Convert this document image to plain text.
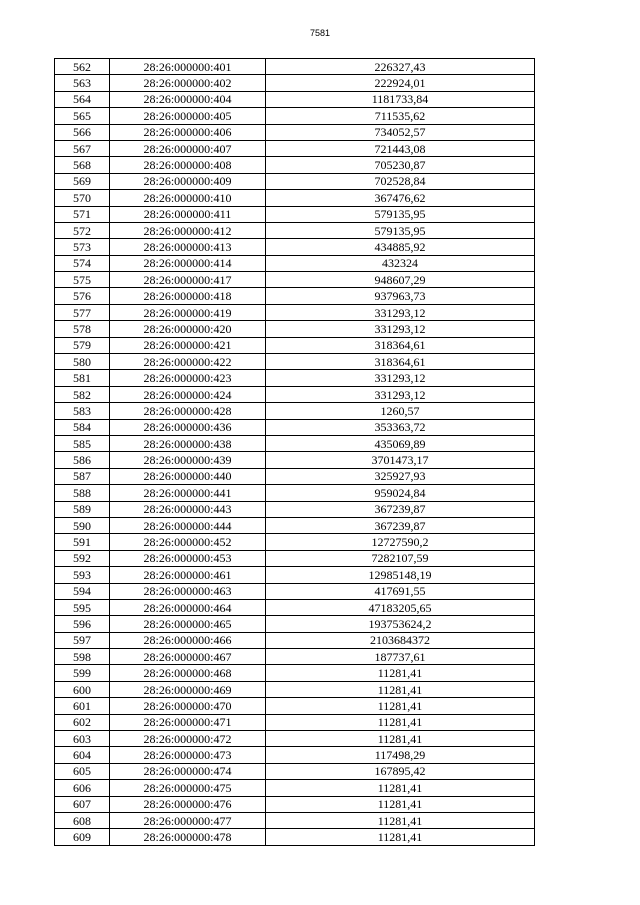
7581
562	28:26:000000:401	226327,43
563	28:26:000000:402	222924,01
564	28:26:000000:404	1181733,84
565	28:26:000000:405	711535,62
566	28:26:000000:406	734052,57
567	28:26:000000:407	721443,08
568	28:26:000000:408	705230,87
569	28:26:000000:409	702528,84
570	28:26:000000:410	367476,62
571	28:26:000000:411	579135,95
572	28:26:000000:412	579135,95
573	28:26:000000:413	434885,92
574	28:26:000000:414	432324
575	28:26:000000:417	948607,29
576	28:26:000000:418	937963,73
577	28:26:000000:419	331293,12
578	28:26:000000:420	331293,12
579	28:26:000000:421	318364,61
580	28:26:000000:422	318364,61
581	28:26:000000:423	331293,12
582	28:26:000000:424	331293,12
583	28:26:000000:428	1260,57
584	28:26:000000:436	353363,72
585	28:26:000000:438	435069,89
586	28:26:000000:439	3701473,17
587	28:26:000000:440	325927,93
588	28:26:000000:441	959024,84
589	28:26:000000:443	367239,87
590	28:26:000000:444	367239,87
591	28:26:000000:452	12727590,2
592	28:26:000000:453	7282107,59
593	28:26:000000:461	12985148,19
594	28:26:000000:463	417691,55
595	28:26:000000:464	47183205,65
596	28:26:000000:465	193753624,2
597	28:26:000000:466	2103684372
598	28:26:000000:467	187737,61
599	28:26:000000:468	11281,41
600	28:26:000000:469	11281,41
601	28:26:000000:470	11281,41
602	28:26:000000:471	11281,41
603	28:26:000000:472	11281,41
604	28:26:000000:473	117498,29
605	28:26:000000:474	167895,42
606	28:26:000000:475	11281,41
607	28:26:000000:476	11281,41
608	28:26:000000:477	11281,41
609	28:26:000000:478	11281,41
